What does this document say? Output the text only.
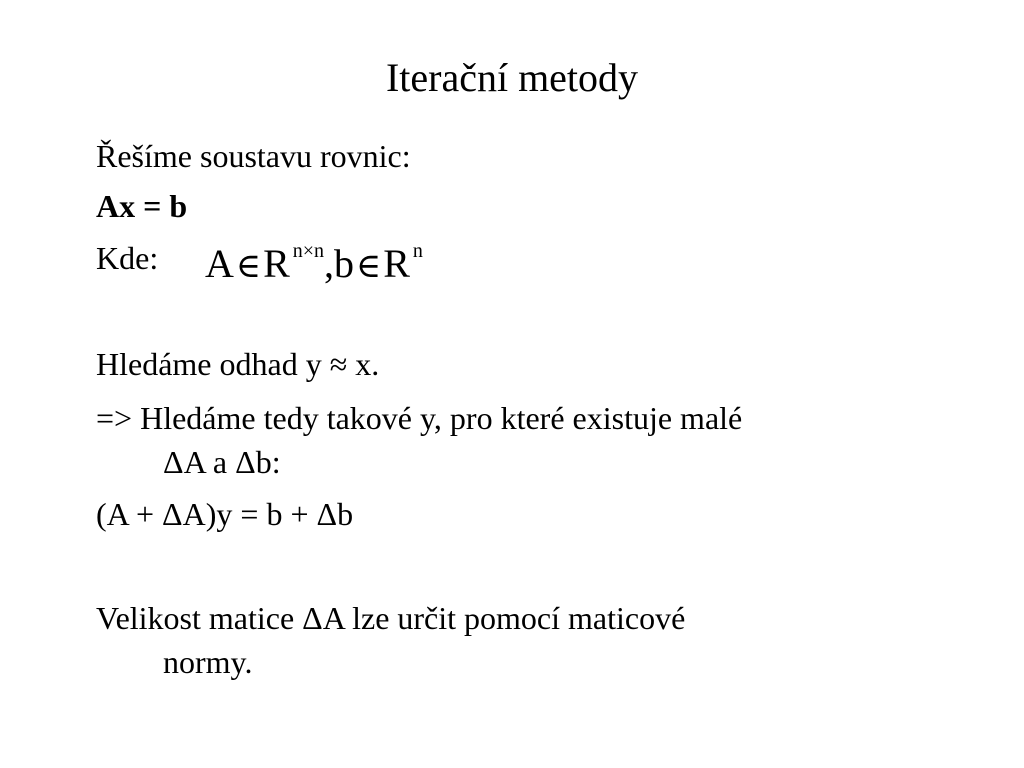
Iterační metody
Řešíme soustavu rovnic:
Ax = b
Kde: A∈R $^{n\times n}$,b∈R $^n$
Hledáme odhad y ≈ x.
=> Hledáme tedy takové y, pro které existuje malé
ΔA a Δb:
(A + ΔA)y = b + Δb
Velikost matice ΔA lze určit pomocí maticové
normy.
